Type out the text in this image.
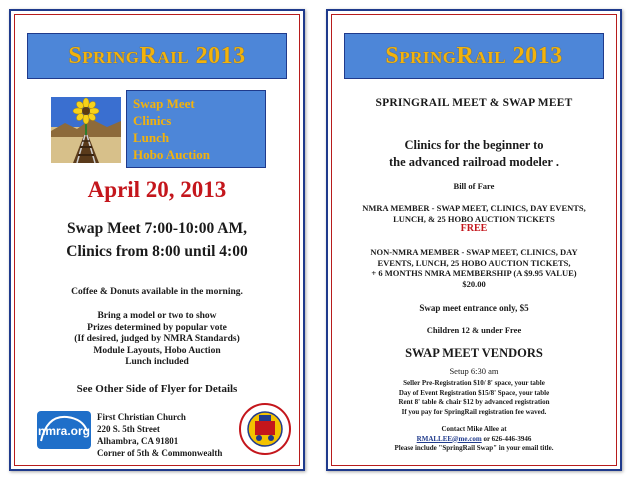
SpringRail 2013
Swap Meet
Clinics
Lunch
Hobo Auction
April 20, 2013
Swap Meet 7:00-10:00 AM,
Clinics from 8:00 until 4:00
Coffee & Donuts available in the morning.
Bring a model or two to show
Prizes determined by popular vote
(If desired, judged by NMRA Standards)
Module Layouts, Hobo Auction
Lunch included
See Other Side of Flyer for Details
nmra.org
First Christian Church
220 S. 5th Street
Alhambra, CA 91801
Corner of 5th & Commonwealth
SpringRail 2013
SPRINGRAIL MEET & SWAP MEET
Clinics for the beginner to
the advanced railroad modeler .
Bill of Fare
NMRA MEMBER - SWAP MEET, CLINICS, DAY EVENTS,
LUNCH, & 25 HOBO AUCTION TICKETS
FREE
NON-NMRA MEMBER - SWAP MEET, CLINICS, DAY
EVENTS, LUNCH, 25 HOBO AUCTION TICKETS,
+ 6 MONTHS NMRA MEMBERSHIP (A $9.95 VALUE)
$20.00
Swap meet entrance only, $5
Children 12 & under Free
SWAP MEET VENDORS
Setup 6:30 am
Seller Pre-Registration $10/ 8' space, your table
Day of Event Registration $15/8' Space, your table
Rent 8' table & chair $12 by advanced registration
If you pay for SpringRail registration fee waved.
Contact Mike Allee at
RMALLEE@me.com or 626-446-3946
Please include "SpringRail Swap" in your email title.
